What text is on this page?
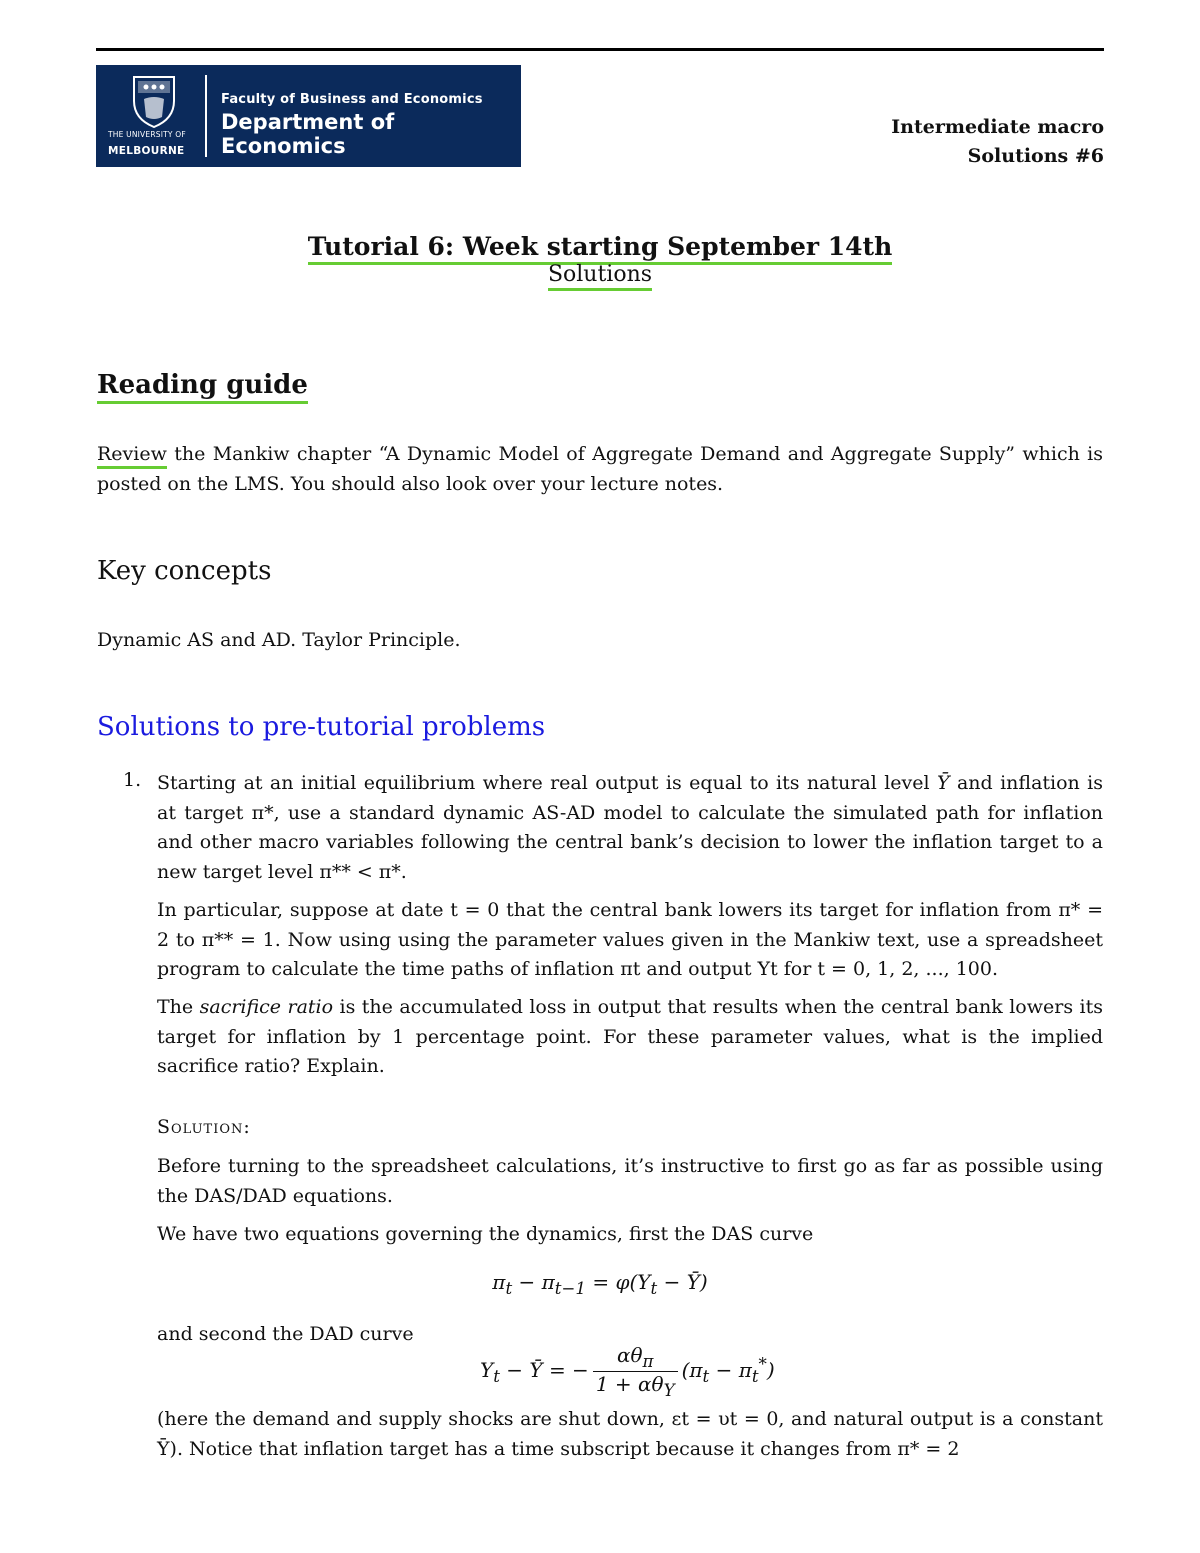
THE UNIVERSITY OF
MELBOURNE
Faculty of Business and Economics
Department of Economics
Intermediate macro
Solutions #6
Tutorial 6: Week starting September 14th
Solutions
Reading guide
Review the Mankiw chapter “A Dynamic Model of Aggregate Demand and Aggregate Supply” which is posted on the LMS. You should also look over your lecture notes.
Key concepts
Dynamic AS and AD. Taylor Principle.
Solutions to pre-tutorial problems
1. Starting at an initial equilibrium where real output is equal to its natural level Ȳ and inflation is at target π*, use a standard dynamic AS-AD model to calculate the simulated path for inflation and other macro variables following the central bank’s decision to lower the inflation target to a new target level π** < π*.
In particular, suppose at date t = 0 that the central bank lowers its target for inflation from π* = 2 to π** = 1. Now using using the parameter values given in the Mankiw text, use a spreadsheet program to calculate the time paths of inflation πt and output Yt for t = 0, 1, 2, ..., 100.
The sacrifice ratio is the accumulated loss in output that results when the central bank lowers its target for inflation by 1 percentage point. For these parameter values, what is the implied sacrifice ratio? Explain.
Solution:
Before turning to the spreadsheet calculations, it’s instructive to first go as far as possible using the DAS/DAD equations.
We have two equations governing the dynamics, first the DAS curve
$\pi_t - \pi_{t-1} = \varphi(Y_t$ − Ȳ)
and second the DAD curve
$Y_t$ − Ȳ = − $\frac{\alpha\theta_\pi}{1 + \alpha\theta_Y} (\pi_t - \pi_t^*)$
(here the demand and supply shocks are shut down, εt = υt = 0, and natural output is a constant Ȳ). Notice that inflation target has a time subscript because it changes from π* = 2
